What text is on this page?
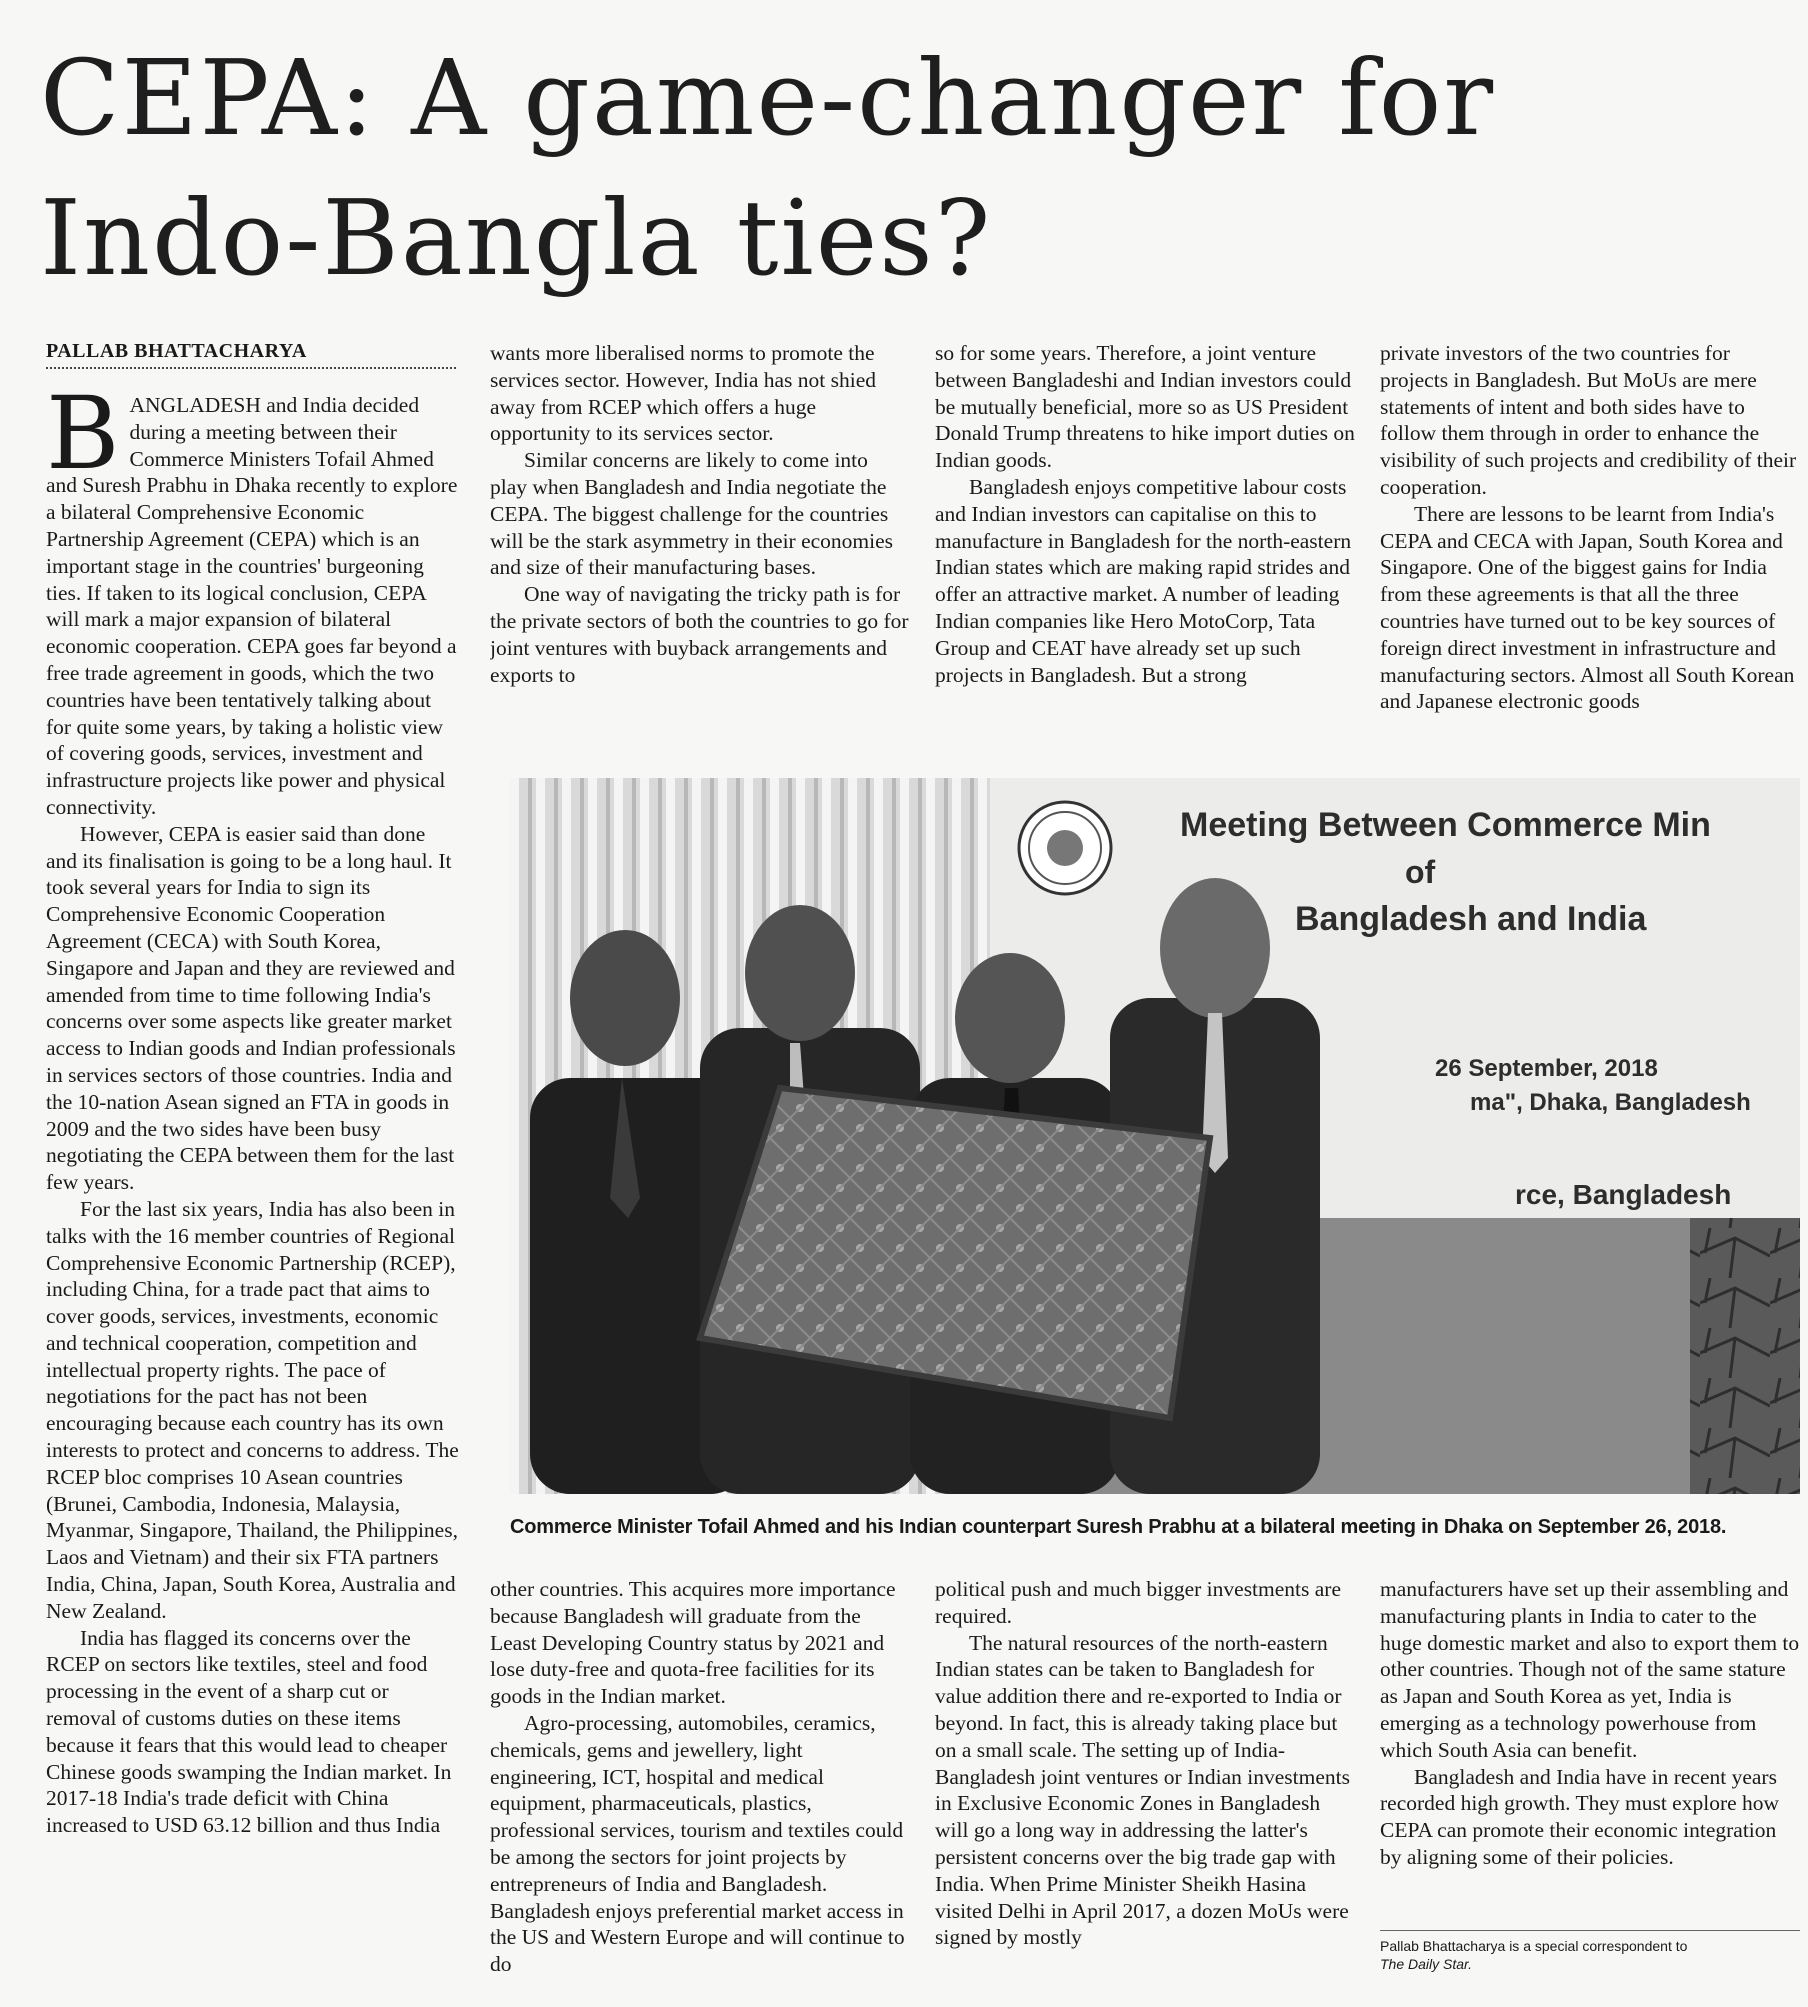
CEPA: A game-changer for Indo-Bangla ties?
PALLAB BHATTACHARYA

BANGLADESH and India decided during a meeting between their Commerce Ministers Tofail Ahmed and Suresh Prabhu in Dhaka recently to explore a bilateral Comprehensive Economic Partnership Agreement (CEPA) which is an important stage in the countries' burgeoning ties. If taken to its logical conclusion, CEPA will mark a major expansion of bilateral economic cooperation. CEPA goes far beyond a free trade agreement in goods, which the two countries have been tentatively talking about for quite some years, by taking a holistic view of covering goods, services, investment and infrastructure projects like power and physical connectivity.

However, CEPA is easier said than done and its finalisation is going to be a long haul. It took several years for India to sign its Comprehensive Economic Cooperation Agreement (CECA) with South Korea, Singapore and Japan and they are reviewed and amended from time to time following India's concerns over some aspects like greater market access to Indian goods and Indian professionals in services sectors of those countries. India and the 10-nation Asean signed an FTA in goods in 2009 and the two sides have been busy negotiating the CEPA between them for the last few years.

For the last six years, India has also been in talks with the 16 member countries of Regional Comprehensive Economic Partnership (RCEP), including China, for a trade pact that aims to cover goods, services, investments, economic and technical cooperation, competition and intellectual property rights. The pace of negotiations for the pact has not been encouraging because each country has its own interests to protect and concerns to address. The RCEP bloc comprises 10 Asean countries (Brunei, Cambodia, Indonesia, Malaysia, Myanmar, Singapore, Thailand, the Philippines, Laos and Vietnam) and their six FTA partners India, China, Japan, South Korea, Australia and New Zealand.

India has flagged its concerns over the RCEP on sectors like textiles, steel and food processing in the event of a sharp cut or removal of customs duties on these items because it fears that this would lead to cheaper Chinese goods swamping the Indian market. In 2017-18 India's trade deficit with China increased to USD 63.12 billion and thus India

wants more liberalised norms to promote the services sector. However, India has not shied away from RCEP which offers a huge opportunity to its services sector.

Similar concerns are likely to come into play when Bangladesh and India negotiate the CEPA. The biggest challenge for the countries will be the stark asymmetry in their economies and size of their manufacturing bases.

One way of navigating the tricky path is for the private sectors of both the countries to go for joint ventures with buyback arrangements and exports to

so for some years. Therefore, a joint venture between Bangladeshi and Indian investors could be mutually beneficial, more so as US President Donald Trump threatens to hike import duties on Indian goods.

Bangladesh enjoys competitive labour costs and Indian investors can capitalise on this to manufacture in Bangladesh for the north-eastern Indian states which are making rapid strides and offer an attractive market. A number of leading Indian companies like Hero MotoCorp, Tata Group and CEAT have already set up such projects in Bangladesh. But a strong

private investors of the two countries for projects in Bangladesh. But MoUs are mere statements of intent and both sides have to follow them through in order to enhance the visibility of such projects and credibility of their cooperation.

There are lessons to be learnt from India's CEPA and CECA with Japan, South Korea and Singapore. One of the biggest gains for India from these agreements is that all the three countries have turned out to be key sources of foreign direct investment in infrastructure and manufacturing sectors. Almost all South Korean and Japanese electronic goods

Meeting Between Commerce Min
of
Bangladesh and India
26 September, 2018
ma", Dhaka, Bangladesh
rce, Bangladesh

Commerce Minister Tofail Ahmed and his Indian counterpart Suresh Prabhu at a bilateral meeting in Dhaka on September 26, 2018.

other countries. This acquires more importance because Bangladesh will graduate from the Least Developing Country status by 2021 and lose duty-free and quota-free facilities for its goods in the Indian market.

Agro-processing, automobiles, ceramics, chemicals, gems and jewellery, light engineering, ICT, hospital and medical equipment, pharmaceuticals, plastics, professional services, tourism and textiles could be among the sectors for joint projects by entrepreneurs of India and Bangladesh. Bangladesh enjoys preferential market access in the US and Western Europe and will continue to do

political push and much bigger investments are required.

The natural resources of the north-eastern Indian states can be taken to Bangladesh for value addition there and re-exported to India or beyond. In fact, this is already taking place but on a small scale. The setting up of India-Bangladesh joint ventures or Indian investments in Exclusive Economic Zones in Bangladesh will go a long way in addressing the latter's persistent concerns over the big trade gap with India. When Prime Minister Sheikh Hasina visited Delhi in April 2017, a dozen MoUs were signed by mostly

manufacturers have set up their assembling and manufacturing plants in India to cater to the huge domestic market and also to export them to other countries. Though not of the same stature as Japan and South Korea as yet, India is emerging as a technology powerhouse from which South Asia can benefit.

Bangladesh and India have in recent years recorded high growth. They must explore how CEPA can promote their economic integration by aligning some of their policies.

Pallab Bhattacharya is a special correspondent to
The Daily Star.
